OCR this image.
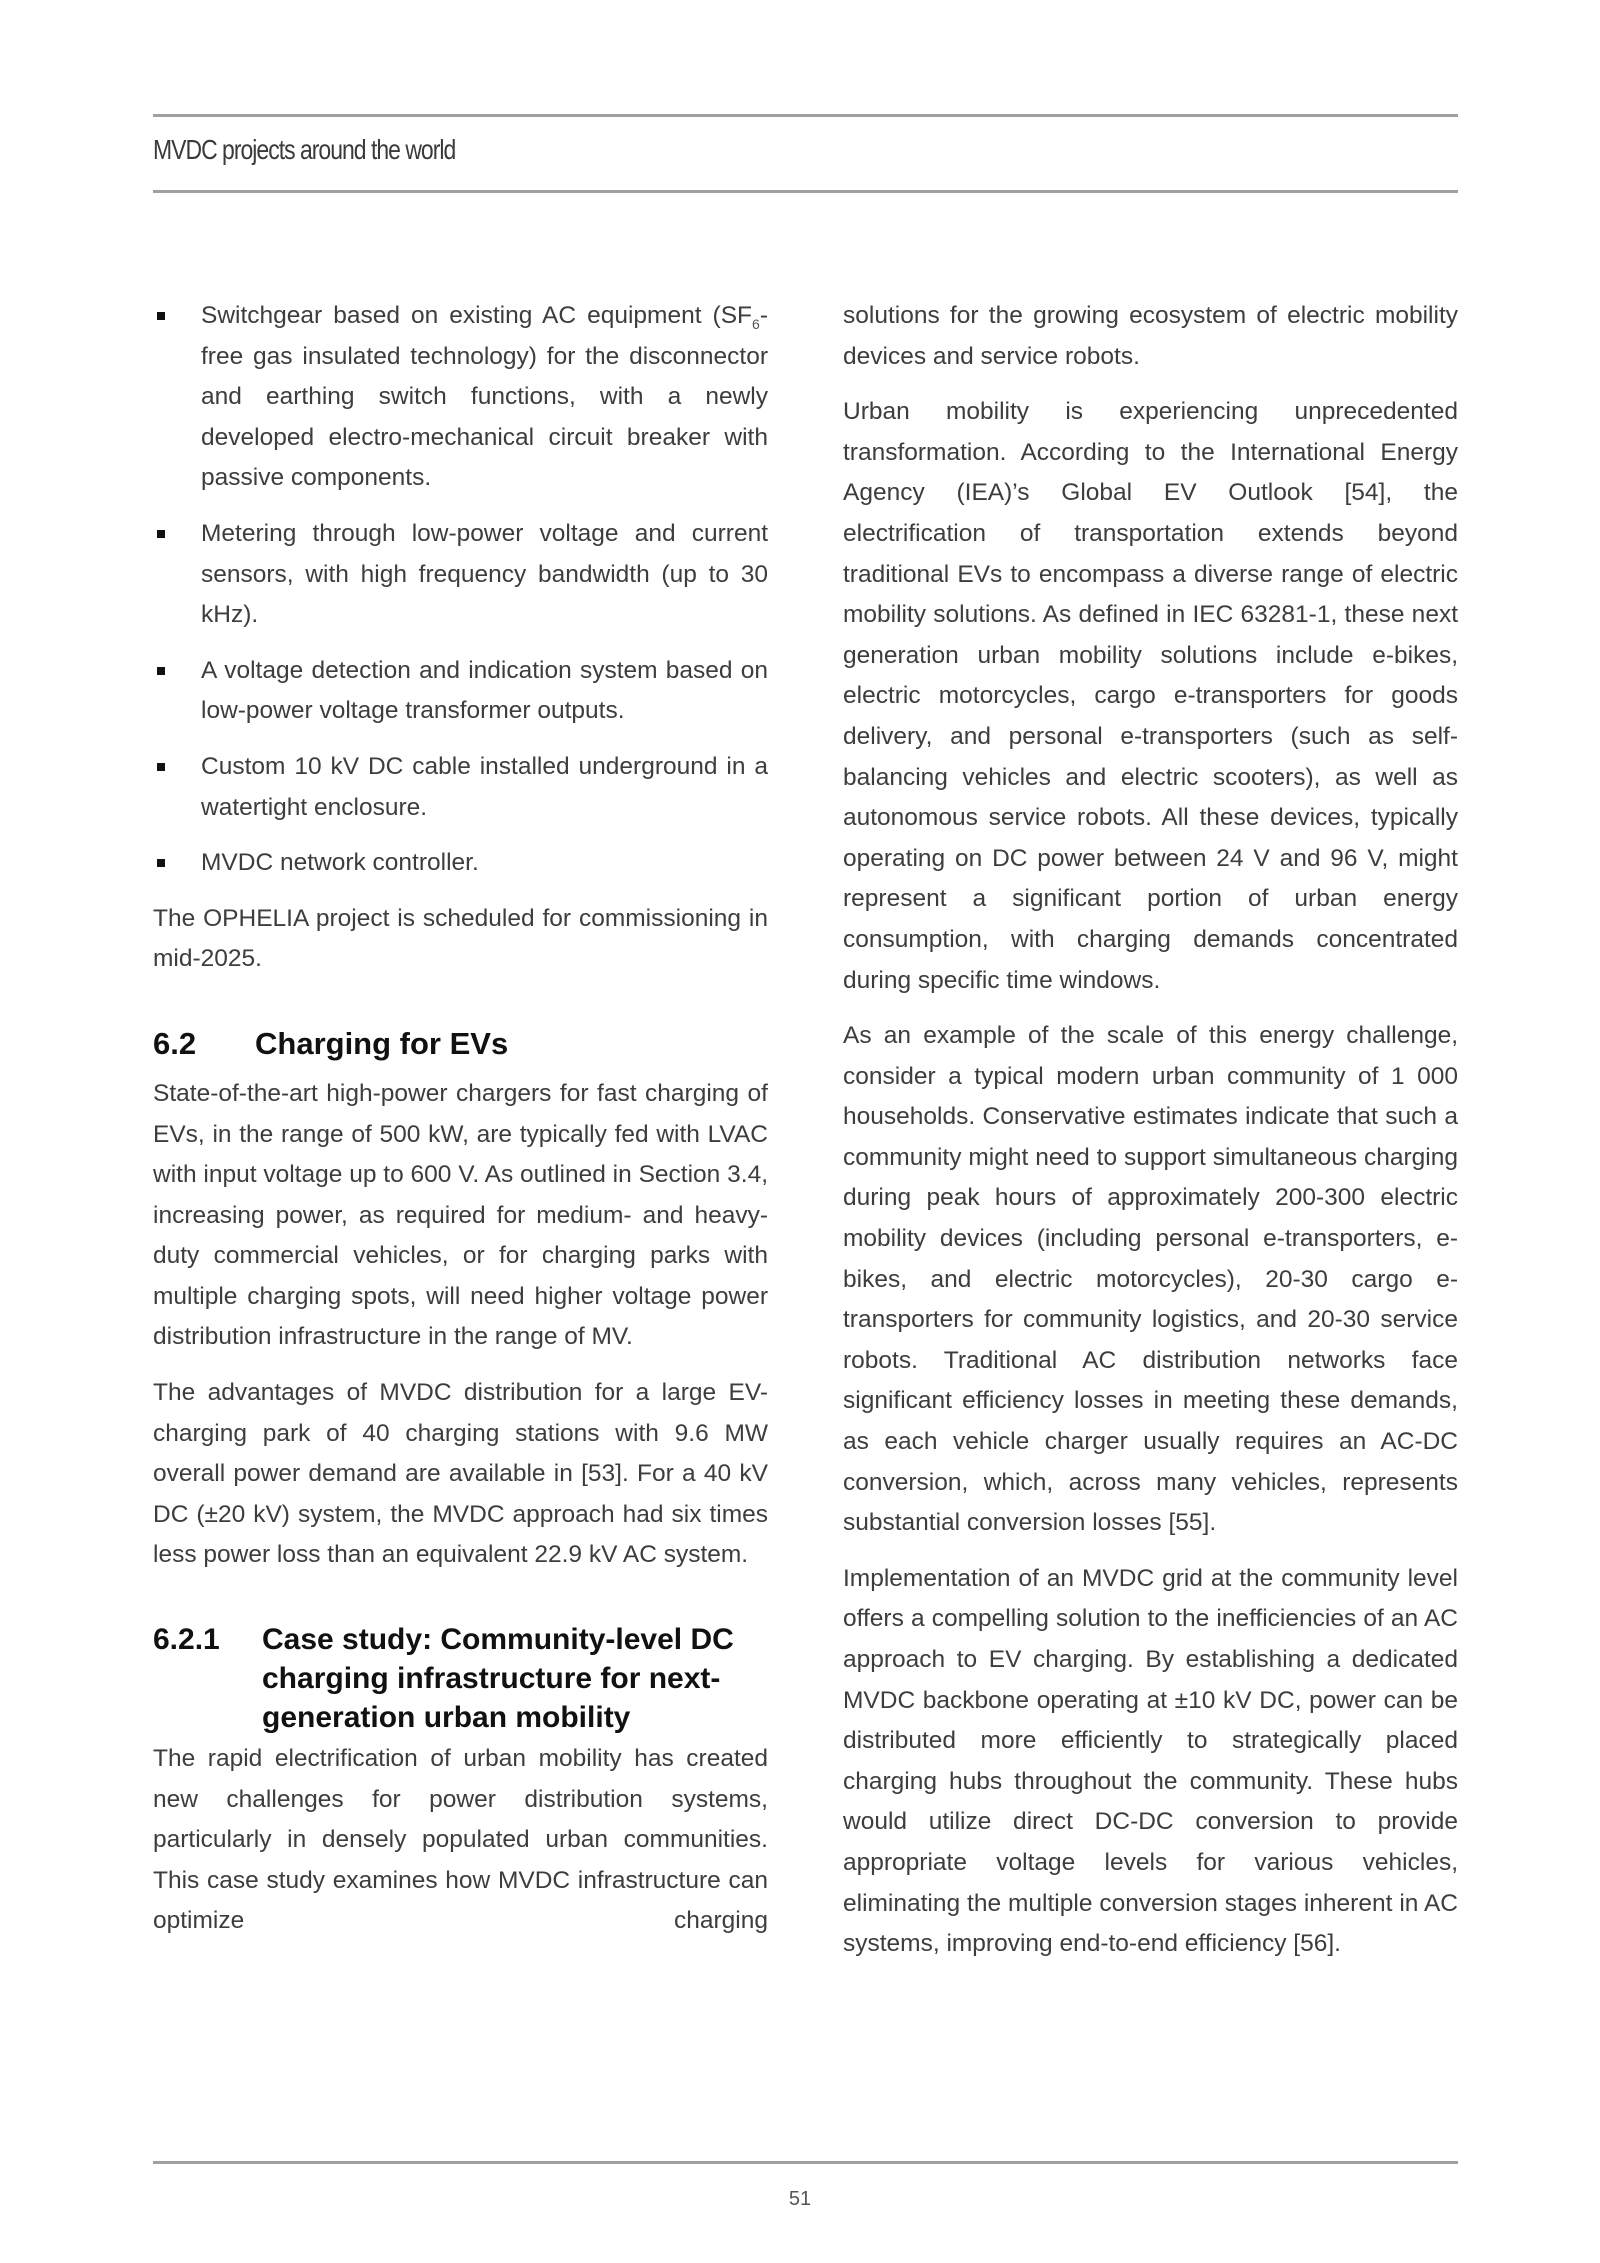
MVDC projects around the world
Switchgear based on existing AC equipment ($SF_6$-free gas insulated technology) for the disconnector and earthing switch functions, with a newly developed electro-mechanical circuit breaker with passive components.
Metering through low-power voltage and current sensors, with high frequency bandwidth (up to 30 kHz).
A voltage detection and indication system based on low-power voltage transformer outputs.
Custom 10 kV DC cable installed underground in a watertight enclosure.
MVDC network controller.

The OPHELIA project is scheduled for commissioning in mid-2025.

6.2	Charging for EVs

State-of-the-art high-power chargers for fast charging of EVs, in the range of 500 kW, are typically fed with LVAC with input voltage up to 600 V. As outlined in Section 3.4, increasing power, as required for medium- and heavy-duty commercial vehicles, or for charging parks with multiple charging spots, will need higher voltage power distribution infrastructure in the range of MV.

The advantages of MVDC distribution for a large EV-charging park of 40 charging stations with 9.6 MW overall power demand are available in [53]. For a 40 kV DC (±20 kV) system, the MVDC approach had six times less power loss than an equivalent 22.9 kV AC system.

6.2.1	Case study: Community-level DC charging infrastructure for next-generation urban mobility

The rapid electrification of urban mobility has created new challenges for power distribution systems, particularly in densely populated urban communities. This case study examines how MVDC infrastructure can optimize charging

solutions for the growing ecosystem of electric mobility devices and service robots.

Urban mobility is experiencing unprecedented transformation. According to the International Energy Agency (IEA)’s Global EV Outlook [54], the electrification of transportation extends beyond traditional EVs to encompass a diverse range of electric mobility solutions. As defined in IEC 63281-1, these next generation urban mobility solutions include e-bikes, electric motorcycles, cargo e-transporters for goods delivery, and personal e-transporters (such as self-balancing vehicles and electric scooters), as well as autonomous service robots. All these devices, typically operating on DC power between 24 V and 96 V, might represent a significant portion of urban energy consumption, with charging demands concentrated during specific time windows.

As an example of the scale of this energy challenge, consider a typical modern urban community of 1 000 households. Conservative estimates indicate that such a community might need to support simultaneous charging during peak hours of approximately 200-300 electric mobility devices (including personal e-transporters, e-bikes, and electric motorcycles), 20-30 cargo e-transporters for community logistics, and 20-30 service robots. Traditional AC distribution networks face significant efficiency losses in meeting these demands, as each vehicle charger usually requires an AC-DC conversion, which, across many vehicles, represents substantial conversion losses [55].

Implementation of an MVDC grid at the community level offers a compelling solution to the inefficiencies of an AC approach to EV charging. By establishing a dedicated MVDC backbone operating at ±10 kV DC, power can be distributed more efficiently to strategically placed charging hubs throughout the community. These hubs would utilize direct DC-DC conversion to provide appropriate voltage levels for various vehicles, eliminating the multiple conversion stages inherent in AC systems, improving end-to-end efficiency [56].

51
